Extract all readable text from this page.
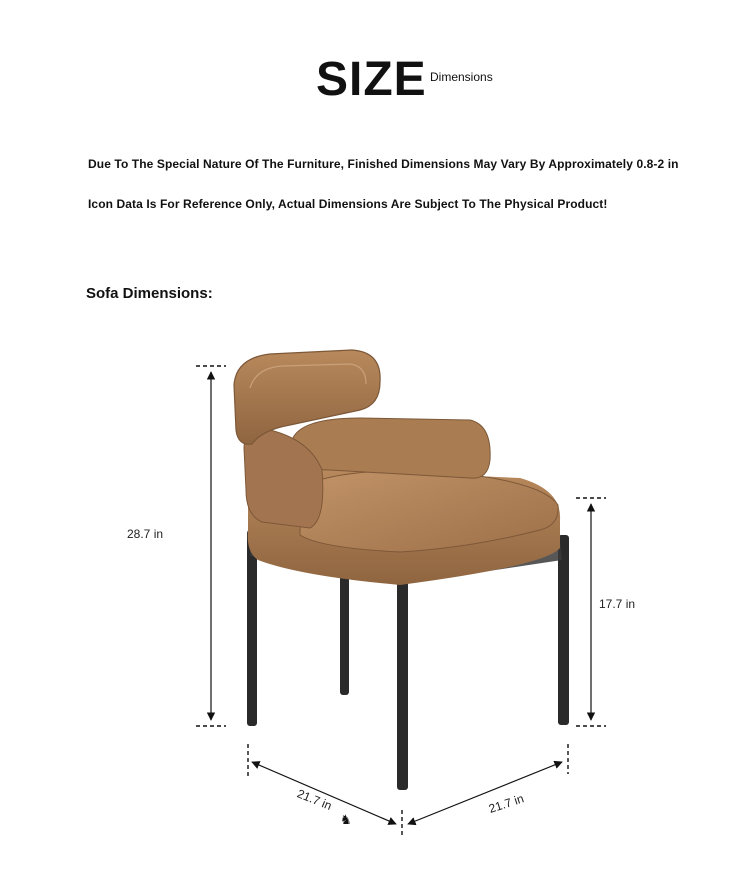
SIZE Dimensions
Due To The Special Nature Of The Furniture, Finished Dimensions May Vary By Approximately 0.8-2 in
Icon Data Is For Reference Only, Actual Dimensions Are Subject To The Physical Product!
Sofa Dimensions:
28.7 in
17.7 in
21.7 in
♞
21.7 in
